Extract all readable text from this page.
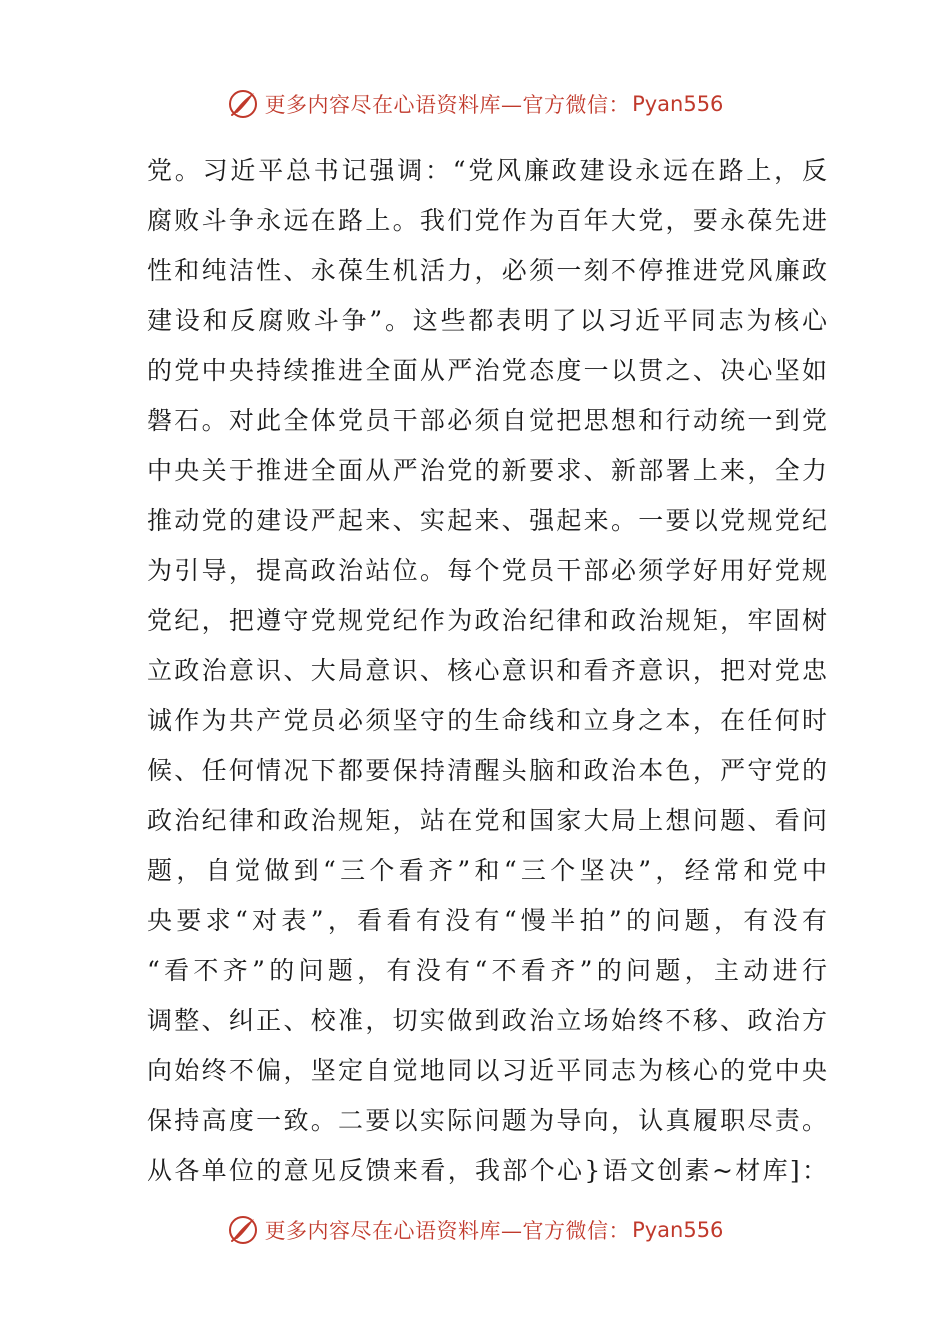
更多内容尽在心语资料库—官方微信： Pyan556
党。习近平总书记强调：“党风廉政建设永远在路上，反
腐败斗争永远在路上。我们党作为百年大党，要永葆先进
性和纯洁性、永葆生机活力，必须一刻不停推进党风廉政
建设和反腐败斗争”。这些都表明了以习近平同志为核心
的党中央持续推进全面从严治党态度一以贯之、决心坚如
磐石。对此全体党员干部必须自觉把思想和行动统一到党
中央关于推进全面从严治党的新要求、新部署上来，全力
推动党的建设严起来、实起来、强起来。一要以党规党纪
为引导，提高政治站位。每个党员干部必须学好用好党规
党纪，把遵守党规党纪作为政治纪律和政治规矩，牢固树
立政治意识、大局意识、核心意识和看齐意识，把对党忠
诚作为共产党员必须坚守的生命线和立身之本，在任何时
候、任何情况下都要保持清醒头脑和政治本色，严守党的
政治纪律和政治规矩，站在党和国家大局上想问题、看问
题，自觉做到“三个看齐”和“三个坚决”，经常和党中
央要求“对表”，看看有没有“慢半拍”的问题，有没有
“看不齐”的问题，有没有“不看齐”的问题，主动进行
调整、纠正、校准，切实做到政治立场始终不移、政治方
向始终不偏，坚定自觉地同以习近平同志为核心的党中央
保持高度一致。二要以实际问题为导向，认真履职尽责。
从各单位的意见反馈来看，我部个心}语文创素~材库]：
更多内容尽在心语资料库—官方微信： Pyan556
